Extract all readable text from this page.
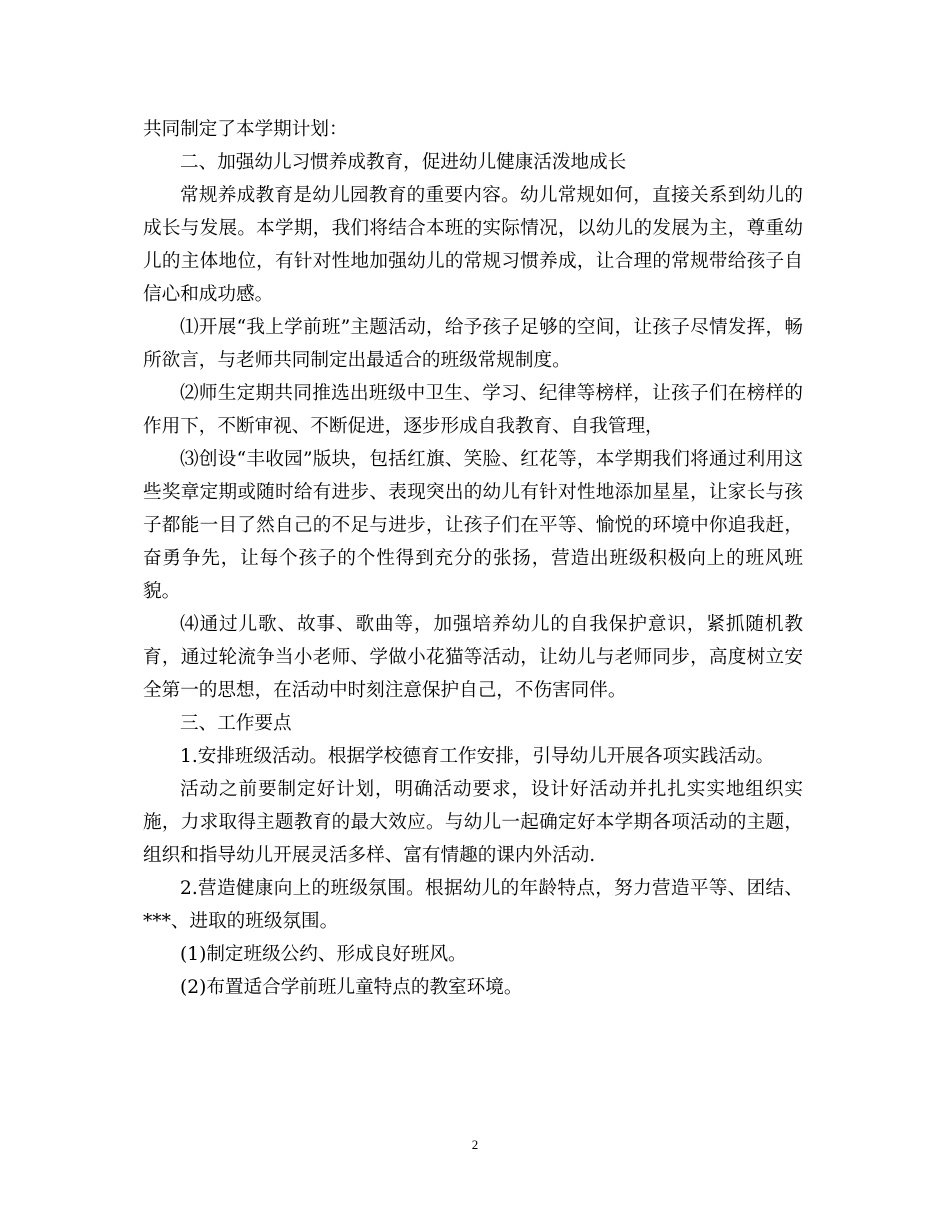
共同制定了本学期计划：

二、加强幼儿习惯养成教育，促进幼儿健康活泼地成长

常规养成教育是幼儿园教育的重要内容。幼儿常规如何，直接关系到幼儿的成长与发展。本学期，我们将结合本班的实际情况，以幼儿的发展为主，尊重幼儿的主体地位，有针对性地加强幼儿的常规习惯养成，让合理的常规带给孩子自信心和成功感。

⑴开展“我上学前班”主题活动，给予孩子足够的空间，让孩子尽情发挥，畅所欲言，与老师共同制定出最适合的班级常规制度。

⑵师生定期共同推选出班级中卫生、学习、纪律等榜样，让孩子们在榜样的作用下，不断审视、不断促进，逐步形成自我教育、自我管理，

⑶创设“丰收园”版块，包括红旗、笑脸、红花等，本学期我们将通过利用这些奖章定期或随时给有进步、表现突出的幼儿有针对性地添加星星，让家长与孩子都能一目了然自己的不足与进步，让孩子们在平等、愉悦的环境中你追我赶，奋勇争先，让每个孩子的个性得到充分的张扬，营造出班级积极向上的班风班貌。

⑷通过儿歌、故事、歌曲等，加强培养幼儿的自我保护意识，紧抓随机教育，通过轮流争当小老师、学做小花猫等活动，让幼儿与老师同步，高度树立安全第一的思想，在活动中时刻注意保护自己，不伤害同伴。

三、工作要点

1.安排班级活动。根据学校德育工作安排，引导幼儿开展各项实践活动。

活动之前要制定好计划，明确活动要求，设计好活动并扎扎实实地组织实施，力求取得主题教育的最大效应。与幼儿一起确定好本学期各项活动的主题，组织和指导幼儿开展灵活多样、富有情趣的课内外活动.

2.营造健康向上的班级氛围。根据幼儿的年龄特点，努力营造平等、团结、***、进取的班级氛围。

(1)制定班级公约、形成良好班风。

(2)布置适合学前班儿童特点的教室环境。

2
